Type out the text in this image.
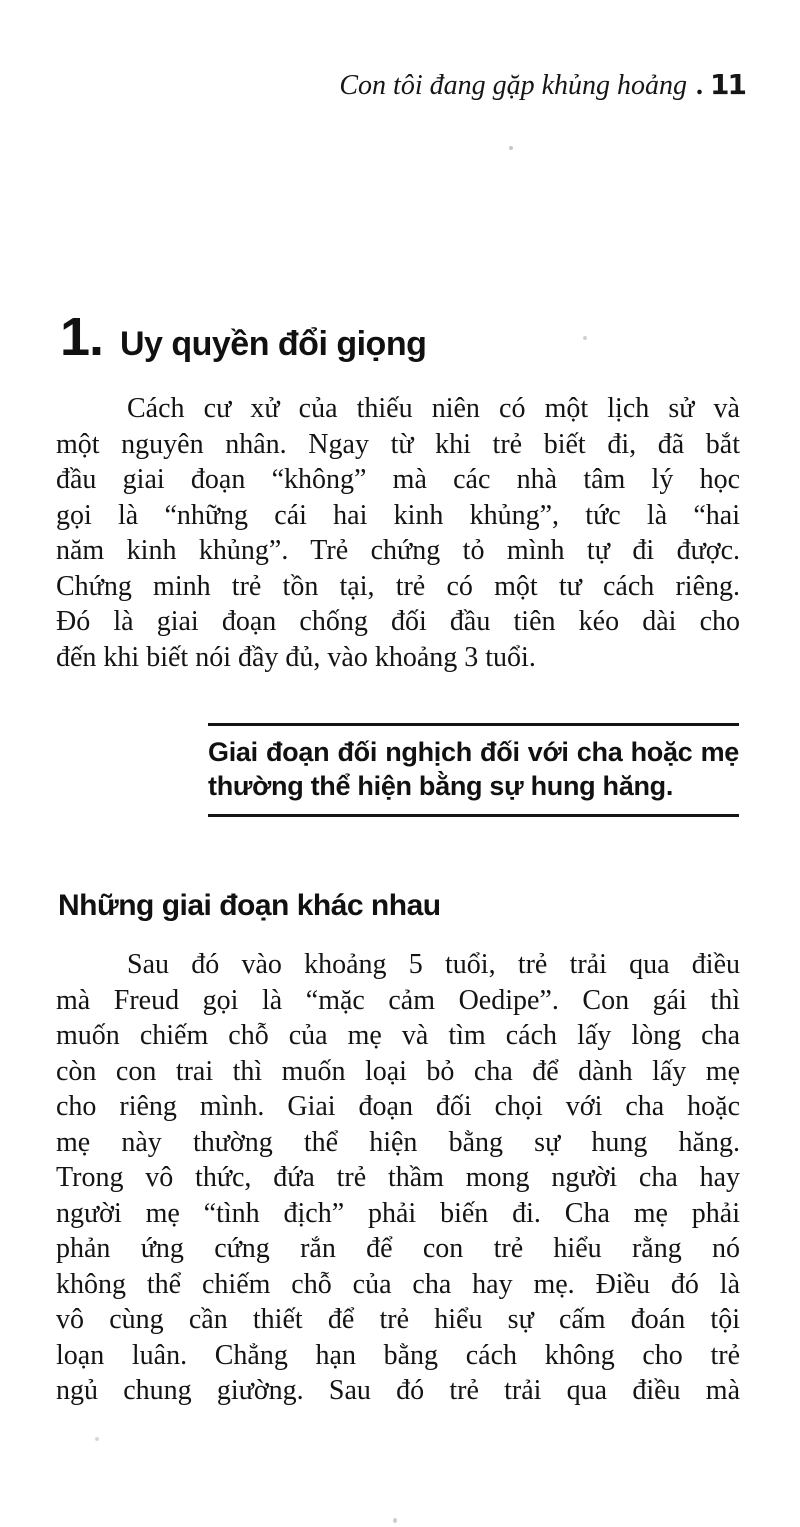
Con tôi đang gặp khủng hoảng . 11
1. Uy quyền đổi giọng
Cách cư xử của thiếu niên có một lịch sử và
một nguyên nhân. Ngay từ khi trẻ biết đi, đã bắt
đầu giai đoạn “không” mà các nhà tâm lý học
gọi là “những cái hai kinh khủng”, tức là “hai
năm kinh khủng”. Trẻ chứng tỏ mình tự đi được.
Chứng minh trẻ tồn tại, trẻ có một tư cách riêng.
Đó là giai đoạn chống đối đầu tiên kéo dài cho
đến khi biết nói đầy đủ, vào khoảng 3 tuổi.
Giai đoạn đối nghịch đối với cha hoặc mẹ
thường thể hiện bằng sự hung hăng.
Những giai đoạn khác nhau
Sau đó vào khoảng 5 tuổi, trẻ trải qua điều
mà Freud gọi là “mặc cảm Oedipe”. Con gái thì
muốn chiếm chỗ của mẹ và tìm cách lấy lòng cha
còn con trai thì muốn loại bỏ cha để dành lấy mẹ
cho riêng mình. Giai đoạn đối chọi với cha hoặc
mẹ này thường thể hiện bằng sự hung hăng.
Trong vô thức, đứa trẻ thầm mong người cha hay
người mẹ “tình địch” phải biến đi. Cha mẹ phải
phản ứng cứng rắn để con trẻ hiểu rằng nó
không thể chiếm chỗ của cha hay mẹ. Điều đó là
vô cùng cần thiết để trẻ hiểu sự cấm đoán tội
loạn luân. Chẳng hạn bằng cách không cho trẻ
ngủ chung giường. Sau đó trẻ trải qua điều mà
